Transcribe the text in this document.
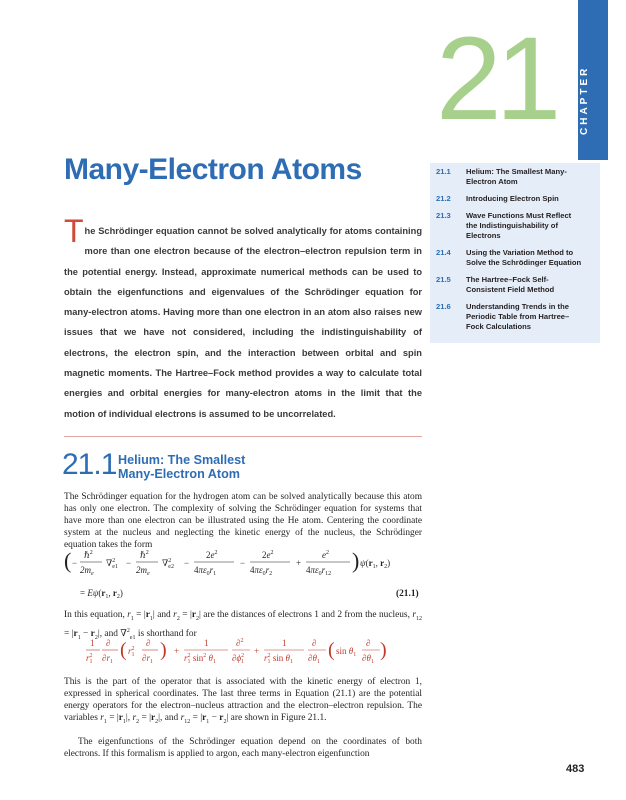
21 CHAPTER
Many-Electron Atoms	21.1	Helium: The Smallest Many-Electron Atom
21.2	Introducing Electron Spin
21.3	Wave Functions Must Reflect the Indistinguishability of Electrons
21.4	Using the Variation Method to Solve the Schrödinger Equation
21.5	The Hartree–Fock Self-Consistent Field Method
21.6	Understanding Trends in the Periodic Table from Hartree–Fock Calculations
The Schrödinger equation cannot be solved analytically for atoms containing more than one electron because of the electron–electron repulsion term in the potential energy. Instead, approximate numerical methods can be used to obtain the eigenfunctions and eigenvalues of the Schrödinger equation for many-electron atoms. Having more than one electron in an atom also raises new issues that we have not considered, including the indistinguishability of electrons, the electron spin, and the interaction between orbital and spin magnetic moments. The Hartree–Fock method provides a way to calculate total energies and orbital energies for many-electron atoms in the limit that the motion of individual electrons is assumed to be uncorrelated.
21.1 Helium: The Smallest
Many-Electron Atom
The Schrödinger equation for the hydrogen atom can be solved analytically because this atom has only one electron. The complexity of solving the Schrödinger equation for systems that have more than one electron can be illustrated using the He atom. Centering the coordinate system at the nucleus and neglecting the kinetic energy of the nucleus, the Schrödinger equation takes the form
( −
ℏ$^2$
$2m_e$
∇$^2$ e1 −
ℏ$^2$
$2m_e$
∇$^2$ e2 −
$2e^2$
$4\pi\varepsilon_0r_1$
−
$2e^2$
$4\pi\varepsilon_0r_2$
+
$e^2$
$4\pi\varepsilon_0r_{12}$
) $\psi(r_1$, $r_2$)
= $E\psi(r_1$, $r_2$)	(21.1)
In this equation, $r_1 = |r_1|$ and $r_2 = |r_2|$ are the distances of electrons 1 and 2 from the nucleus, $r_{12} = |r_1 - r_2|$, and ∇$^2_{e1}$ is shorthand for
1
$r^2$ 1
∂
$\partial r_1$
( $r^2$ 1
∂
$\partial r_1$
) +
1
$r^2$ 1 $\sin^2 \theta_1$
∂$^2$
$\partial\phi^2$ 1
+
1
$r^2$ 1 $\sin \theta_1$
∂
$\partial\theta_1$
( $\sin \theta_1$
∂
$\partial\theta_1$
)
This is the part of the operator that is associated with the kinetic energy of electron 1, expressed in spherical coordinates. The last three terms in Equation (21.1) are the potential energy operators for the electron–nucleus attraction and the electron–electron repulsion. The variables $r_1 = |r_1|$, $r_2 = |r_2|$, and $r_{12} = |r_1 - r_2|$ are shown in Figure 21.1.
The eigenfunctions of the Schrödinger equation depend on the coordinates of both electrons. If this formalism is applied to argon, each many-electron eigenfunction
483
